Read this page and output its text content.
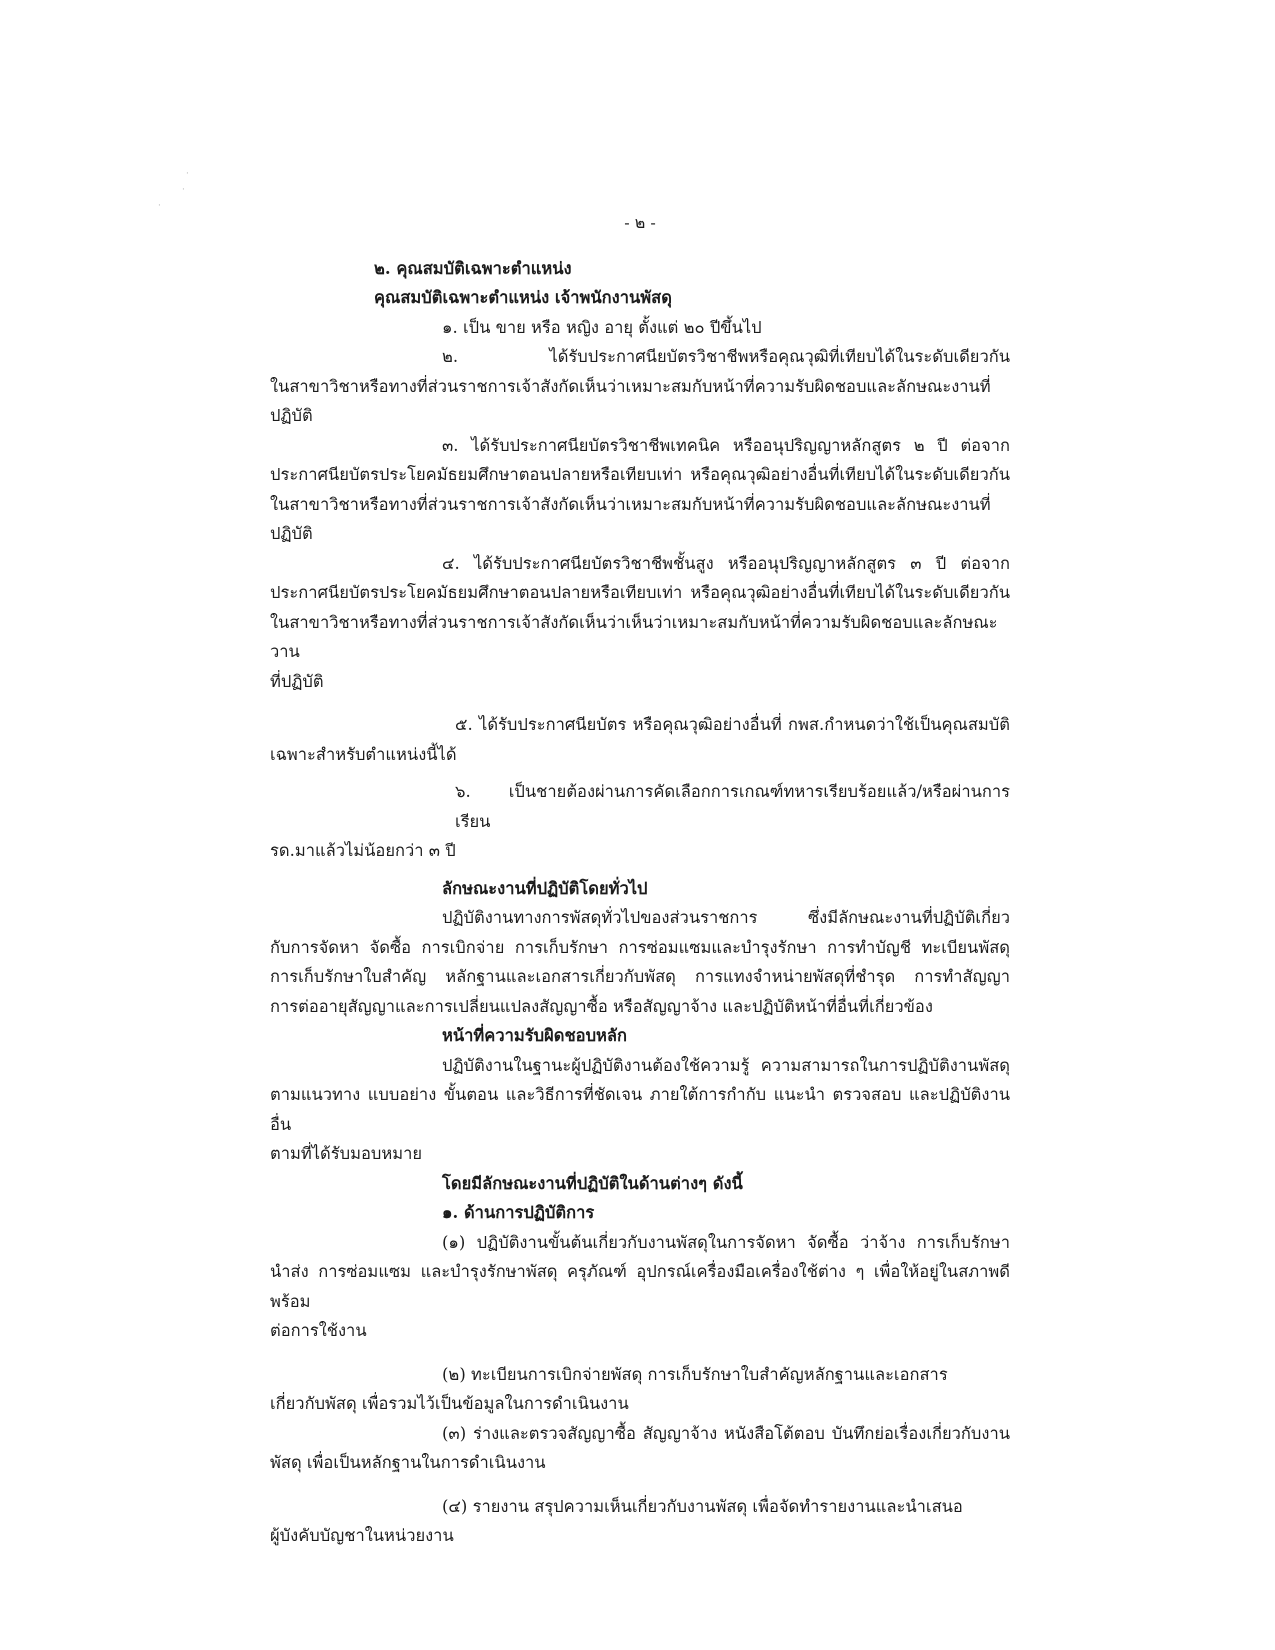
·
·
·
- ๒ -
๒. คุณสมบัติเฉพาะตำแหน่ง
คุณสมบัติเฉพาะตำแหน่ง เจ้าพนักงานพัสดุ
๑. เป็น ขาย หรือ หญิง อายุ ตั้งแต่ ๒๐ ปีขึ้นไป
๒. ได้รับประกาศนียบัตรวิชาชีพหรือคุณวุฒิที่เทียบได้ในระดับเดียวกัน
ในสาขาวิชาหรือทางที่ส่วนราชการเจ้าสังกัดเห็นว่าเหมาะสมกับหน้าที่ความรับผิดชอบและลักษณะงานที่ปฏิบัติ
๓. ได้รับประกาศนียบัตรวิชาชีพเทคนิค หรืออนุปริญญาหลักสูตร ๒ ปี ต่อจาก
ประกาศนียบัตรประโยคมัธยมศึกษาตอนปลายหรือเทียบเท่า หรือคุณวุฒิอย่างอื่นที่เทียบได้ในระดับเดียวกัน
ในสาขาวิชาหรือทางที่ส่วนราชการเจ้าสังกัดเห็นว่าเหมาะสมกับหน้าที่ความรับผิดชอบและลักษณะงานที่ปฏิบัติ
๔. ได้รับประกาศนียบัตรวิชาชีพชั้นสูง หรืออนุปริญญาหลักสูตร ๓ ปี ต่อจาก
ประกาศนียบัตรประโยคมัธยมศึกษาตอนปลายหรือเทียบเท่า หรือคุณวุฒิอย่างอื่นที่เทียบได้ในระดับเดียวกัน
ในสาขาวิชาหรือทางที่ส่วนราชการเจ้าสังกัดเห็นว่าเห็นว่าเหมาะสมกับหน้าที่ความรับผิดชอบและลักษณะวาน
ที่ปฏิบัติ
๕. ได้รับประกาศนียบัตร หรือคุณวุฒิอย่างอื่นที่ กพส.กำหนดว่าใช้เป็นคุณสมบัติ
เฉพาะสำหรับตำแหน่งนี้ได้
๖. เป็นชายต้องผ่านการคัดเลือกการเกณฑ์ทหารเรียบร้อยแล้ว/หรือผ่านการเรียน
รด.มาแล้วไม่น้อยกว่า ๓ ปี
ลักษณะงานที่ปฏิบัติโดยทั่วไป
ปฏิบัติงานทางการพัสดุทั่วไปของส่วนราชการ ซึ่งมีลักษณะงานที่ปฏิบัติเกี่ยว
กับการจัดหา จัดซื้อ การเบิกจ่าย การเก็บรักษา การซ่อมแซมและบำรุงรักษา การทำบัญชี ทะเบียนพัสดุ
การเก็บรักษาใบสำคัญ หลักฐานและเอกสารเกี่ยวกับพัสดุ การแทงจำหน่ายพัสดุที่ชำรุด การทำสัญญา
การต่ออายุสัญญาและการเปลี่ยนแปลงสัญญาซื้อ หรือสัญญาจ้าง และปฏิบัติหน้าที่อื่นที่เกี่ยวข้อง
หน้าที่ความรับผิดชอบหลัก
ปฏิบัติงานในฐานะผู้ปฏิบัติงานต้องใช้ความรู้ ความสามารถในการปฏิบัติงานพัสดุ
ตามแนวทาง แบบอย่าง ขั้นตอน และวิธีการที่ชัดเจน ภายใต้การกำกับ แนะนำ ตรวจสอบ และปฏิบัติงานอื่น
ตามที่ได้รับมอบหมาย
โดยมีลักษณะงานที่ปฏิบัติในด้านต่างๆ ดังนี้
๑. ด้านการปฏิบัติการ
(๑) ปฏิบัติงานขั้นต้นเกี่ยวกับงานพัสดุในการจัดหา จัดซื้อ ว่าจ้าง การเก็บรักษา
นำส่ง การซ่อมแซม และบำรุงรักษาพัสดุ ครุภัณฑ์ อุปกรณ์เครื่องมือเครื่องใช้ต่าง ๆ เพื่อให้อยู่ในสภาพดีพร้อม
ต่อการใช้งาน
(๒) ทะเบียนการเบิกจ่ายพัสดุ การเก็บรักษาใบสำคัญหลักฐานและเอกสาร
เกี่ยวกับพัสดุ เพื่อรวมไว้เป็นข้อมูลในการดำเนินงาน
(๓) ร่างและตรวจสัญญาซื้อ สัญญาจ้าง หนังสือโต้ตอบ บันทึกย่อเรื่องเกี่ยวกับงาน
พัสดุ เพื่อเป็นหลักฐานในการดำเนินงาน
(๔) รายงาน สรุปความเห็นเกี่ยวกับงานพัสดุ เพื่อจัดทำรายงานและนำเสนอ
ผู้บังคับบัญชาในหน่วยงาน
